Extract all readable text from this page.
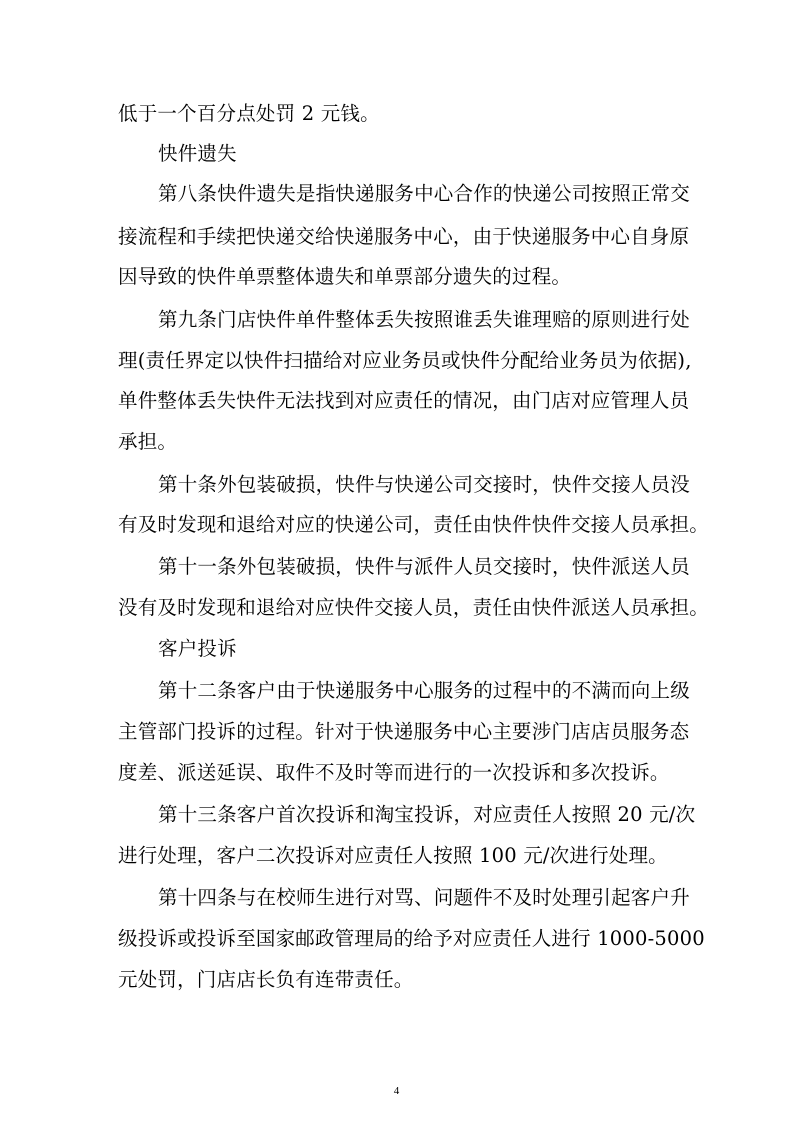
低于一个百分点处罚 2 元钱。
快件遗失
第八条快件遗失是指快递服务中心合作的快递公司按照正常交
接流程和手续把快递交给快递服务中心，由于快递服务中心自身原
因导致的快件单票整体遗失和单票部分遗失的过程。
第九条门店快件单件整体丢失按照谁丢失谁理赔的原则进行处
理(责任界定以快件扫描给对应业务员或快件分配给业务员为依据),
单件整体丢失快件无法找到对应责任的情况，由门店对应管理人员
承担。
第十条外包装破损，快件与快递公司交接时，快件交接人员没
有及时发现和退给对应的快递公司，责任由快件快件交接人员承担。
第十一条外包装破损，快件与派件人员交接时，快件派送人员
没有及时发现和退给对应快件交接人员，责任由快件派送人员承担。
客户投诉
第十二条客户由于快递服务中心服务的过程中的不满而向上级
主管部门投诉的过程。针对于快递服务中心主要涉门店店员服务态
度差、派送延误、取件不及时等而进行的一次投诉和多次投诉。
第十三条客户首次投诉和淘宝投诉，对应责任人按照 20 元/次
进行处理，客户二次投诉对应责任人按照 100 元/次进行处理。
第十四条与在校师生进行对骂、问题件不及时处理引起客户升
级投诉或投诉至国家邮政管理局的给予对应责任人进行 1000-5000
元处罚，门店店长负有连带责任。
4
